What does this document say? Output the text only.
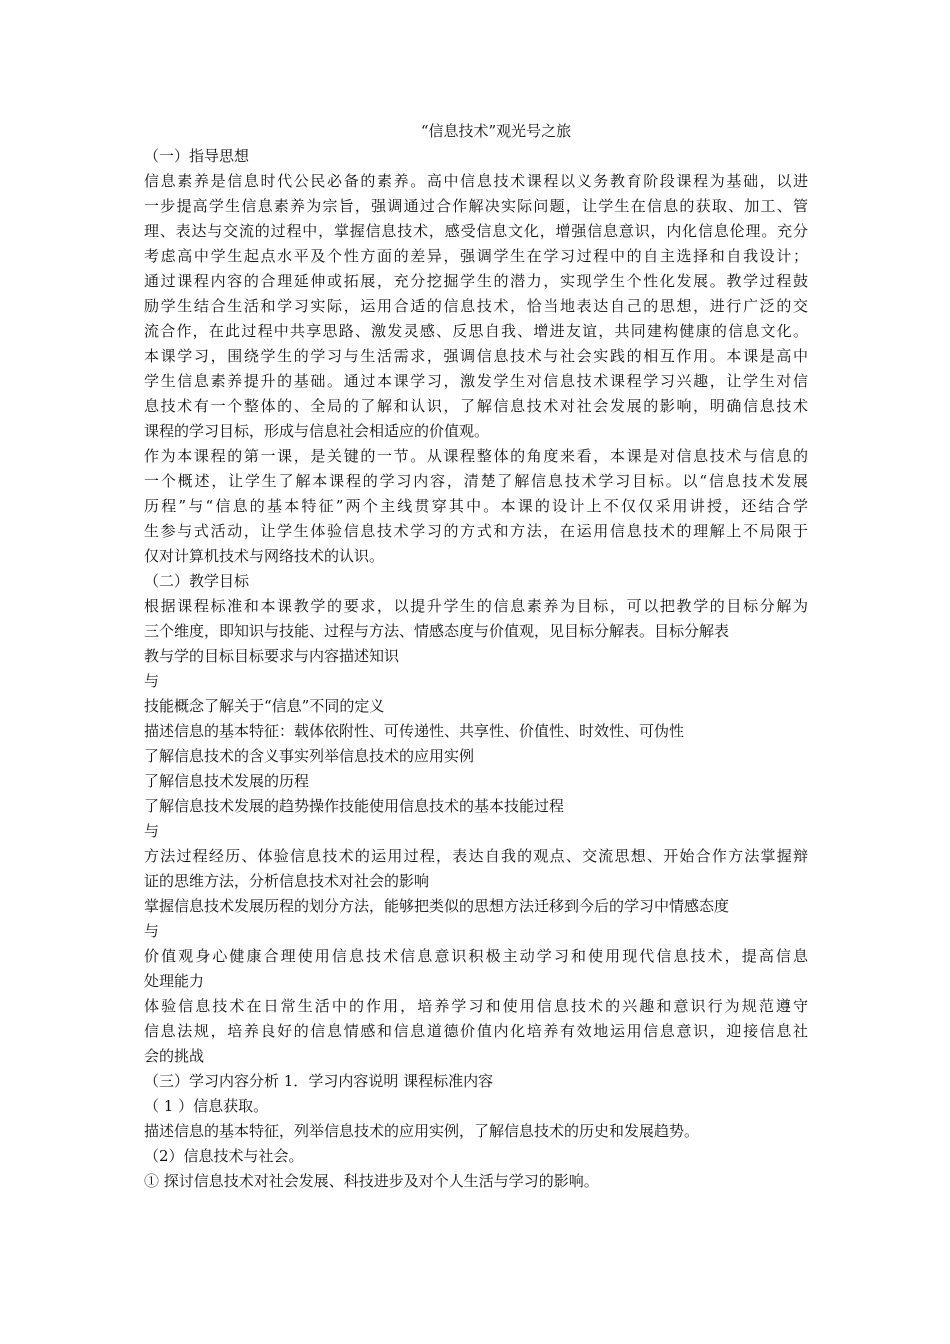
“信息技术”观光号之旅

（一）指导思想

信息素养是信息时代公民必备的素养。高中信息技术课程以义务教育阶段课程为基础，以进

一步提高学生信息素养为宗旨，强调通过合作解决实际问题，让学生在信息的获取、加工、管

理、表达与交流的过程中，掌握信息技术，感受信息文化，增强信息意识，内化信息伦理。充分

考虑高中学生起点水平及个性方面的差异，强调学生在学习过程中的自主选择和自我设计；

通过课程内容的合理延伸或拓展，充分挖掘学生的潜力，实现学生个性化发展。教学过程鼓

励学生结合生活和学习实际，运用合适的信息技术，恰当地表达自己的思想，进行广泛的交

流合作，在此过程中共享思路、激发灵感、反思自我、增进友谊，共同建构健康的信息文化。

本课学习，围绕学生的学习与生活需求，强调信息技术与社会实践的相互作用。本课是高中

学生信息素养提升的基础。通过本课学习，激发学生对信息技术课程学习兴趣，让学生对信

息技术有一个整体的、全局的了解和认识，了解信息技术对社会发展的影响，明确信息技术

课程的学习目标，形成与信息社会相适应的价值观。

作为本课程的第一课，是关键的一节。从课程整体的角度来看，本课是对信息技术与信息的

一个概述，让学生了解本课程的学习内容，清楚了解信息技术学习目标。以“信息技术发展

历程”与“信息的基本特征”两个主线贯穿其中。本课的设计上不仅仅采用讲授，还结合学

生参与式活动，让学生体验信息技术学习的方式和方法，在运用信息技术的理解上不局限于

仅对计算机技术与网络技术的认识。

（二）教学目标

根据课程标准和本课教学的要求，以提升学生的信息素养为目标，可以把教学的目标分解为

三个维度，即知识与技能、过程与方法、情感态度与价值观，见目标分解表。目标分解表

教与学的目标目标要求与内容描述知识

与

技能概念了解关于“信息”不同的定义

描述信息的基本特征：载体依附性、可传递性、共享性、价值性、时效性、可伪性

了解信息技术的含义事实列举信息技术的应用实例

了解信息技术发展的历程

了解信息技术发展的趋势操作技能使用信息技术的基本技能过程

与

方法过程经历、体验信息技术的运用过程，表达自我的观点、交流思想、开始合作方法掌握辩

证的思维方法，分析信息技术对社会的影响

掌握信息技术发展历程的划分方法，能够把类似的思想方法迁移到今后的学习中情感态度

与

价值观身心健康合理使用信息技术信息意识积极主动学习和使用现代信息技术，提高信息

处理能力

体验信息技术在日常生活中的作用，培养学习和使用信息技术的兴趣和意识行为规范遵守

信息法规，培养良好的信息情感和信息道德价值内化培养有效地运用信息意识，迎接信息社

会的挑战

（三）学习内容分析 1．学习内容说明 课程标准内容

（ 1 ）信息获取。

描述信息的基本特征，列举信息技术的应用实例，了解信息技术的历史和发展趋势。

（2）信息技术与社会。

① 探讨信息技术对社会发展、科技进步及对个人生活与学习的影响。
